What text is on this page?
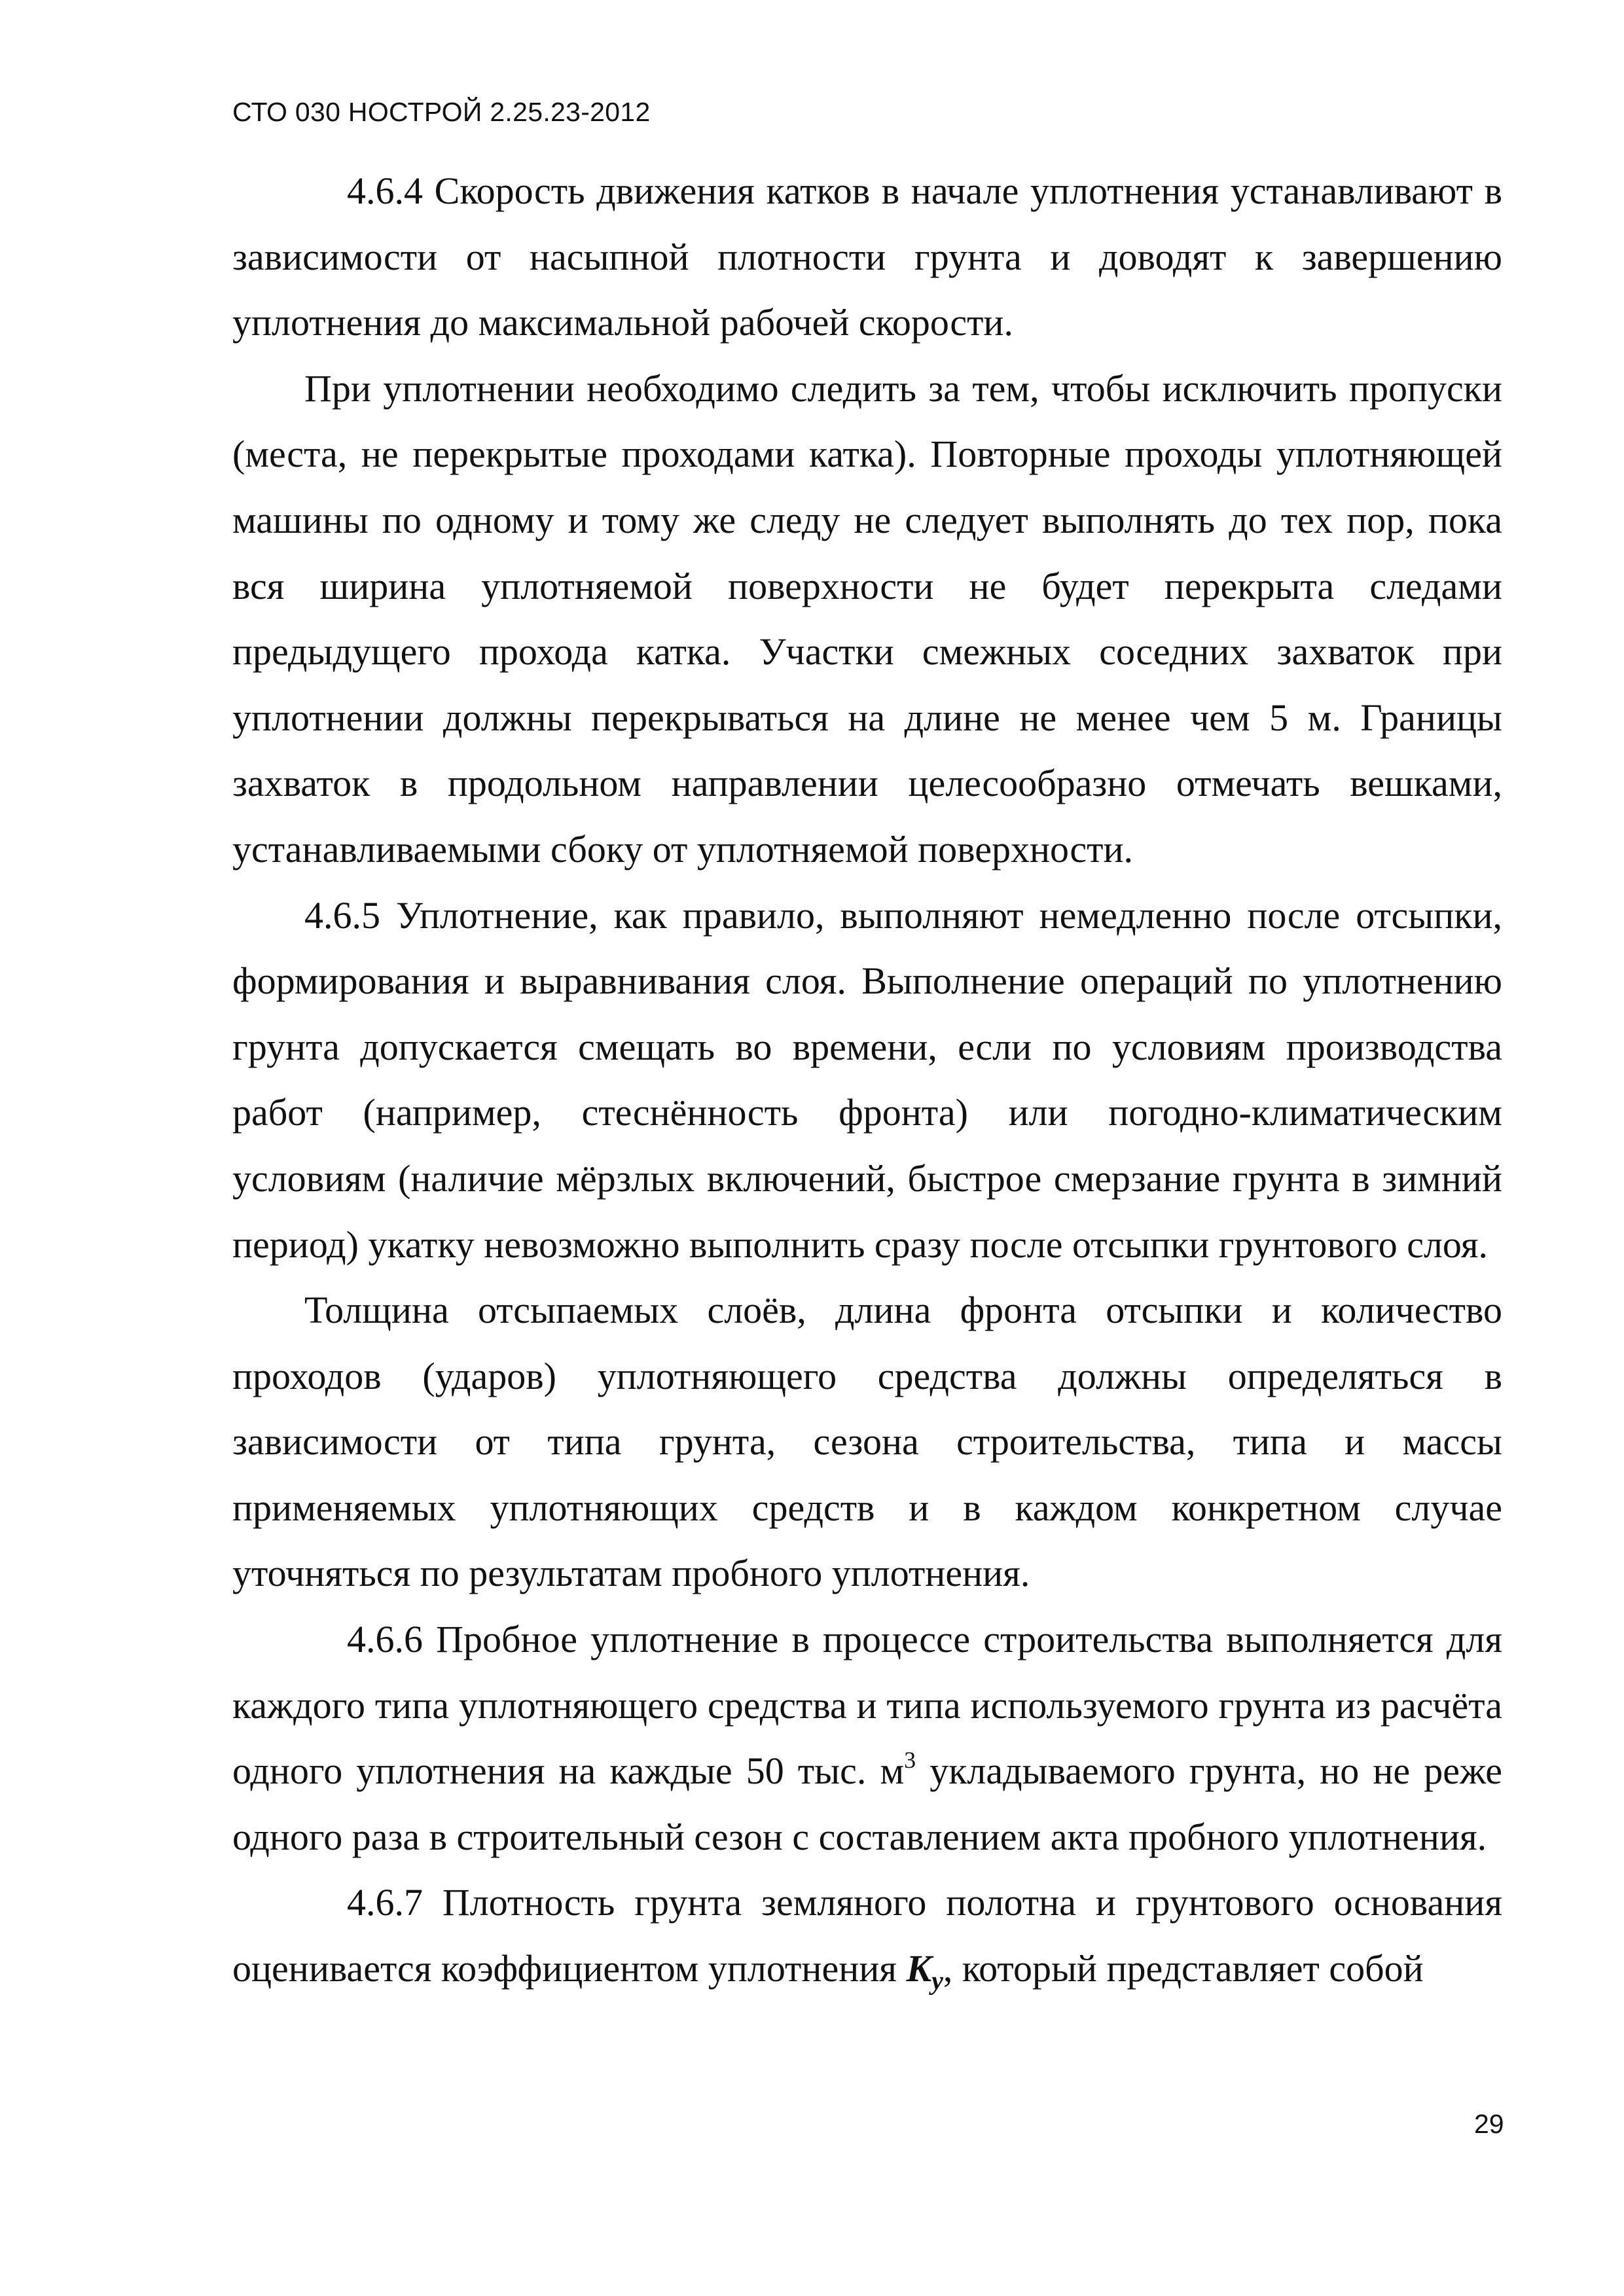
СТО 030 НОСТРОЙ 2.25.23-2012

4.6.4 Скорость движения катков в начале уплотнения устанавливают в зависимости от насыпной плотности грунта и доводят к завершению уплотнения до максимальной рабочей скорости.

При уплотнении необходимо следить за тем, чтобы исключить пропуски (места, не перекрытые проходами катка). Повторные проходы уплотняющей машины по одному и тому же следу не следует выполнять до тех пор, пока вся ширина уплотняемой поверхности не будет перекрыта следами предыдущего прохода катка. Участки смежных соседних захваток при уплотнении должны перекрываться на длине не менее чем 5 м. Границы захваток в продольном направлении целесообразно отмечать вешками, устанавливаемыми сбоку от уплотняемой поверхности.

4.6.5 Уплотнение, как правило, выполняют немедленно после отсыпки, формирования и выравнивания слоя. Выполнение операций по уплотнению грунта допускается смещать во времени, если по условиям производства работ (например, стеснённость фронта) или погодно-климатическим условиям (наличие мёрзлых включений, быстрое смерзание грунта в зимний период) укатку невозможно выполнить сразу после отсыпки грунтового слоя.

Толщина отсыпаемых слоёв, длина фронта отсыпки и количество проходов (ударов) уплотняющего средства должны определяться в зависимости от типа грунта, сезона строительства, типа и массы применяемых уплотняющих средств и в каждом конкретном случае уточняться по результатам пробного уплотнения.

4.6.6 Пробное уплотнение в процессе строительства выполняется для каждого типа уплотняющего средства и типа используемого грунта из расчёта одного уплотнения на каждые 50 тыс. $м^3$ укладываемого грунта, но не реже одного раза в строительный сезон с составлением акта пробного уплотнения.

4.6.7 Плотность грунта земляного полотна и грунтового основания оценивается коэффициентом уплотнения $K_y$, который представляет собой

29
